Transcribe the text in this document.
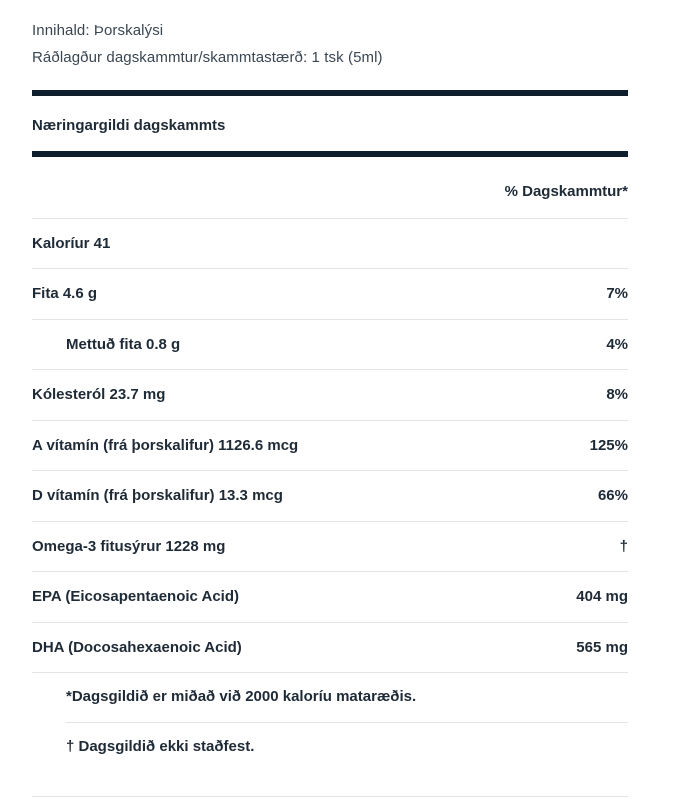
Innihald: Þorskalýsi
Ráðlagður dagskammtur/skammtastærð: 1 tsk (5ml)
Næringargildi dagskammts
% Dagskammtur*
Kaloríur 41
Fita 4.6 g	7%
Mettuð fita 0.8 g	4%
Kólesteról 23.7 mg	8%
A vítamín (frá þorskalifur) 1126.6 mcg	125%
D vítamín (frá þorskalifur) 13.3 mcg	66%
Omega-3 fitusýrur 1228 mg	†
EPA (Eicosapentaenoic Acid)	404 mg
DHA (Docosahexaenoic Acid)	565 mg
*Dagsgildið er miðað við 2000 kaloríu mataræðis.
† Dagsgildið ekki staðfest.
